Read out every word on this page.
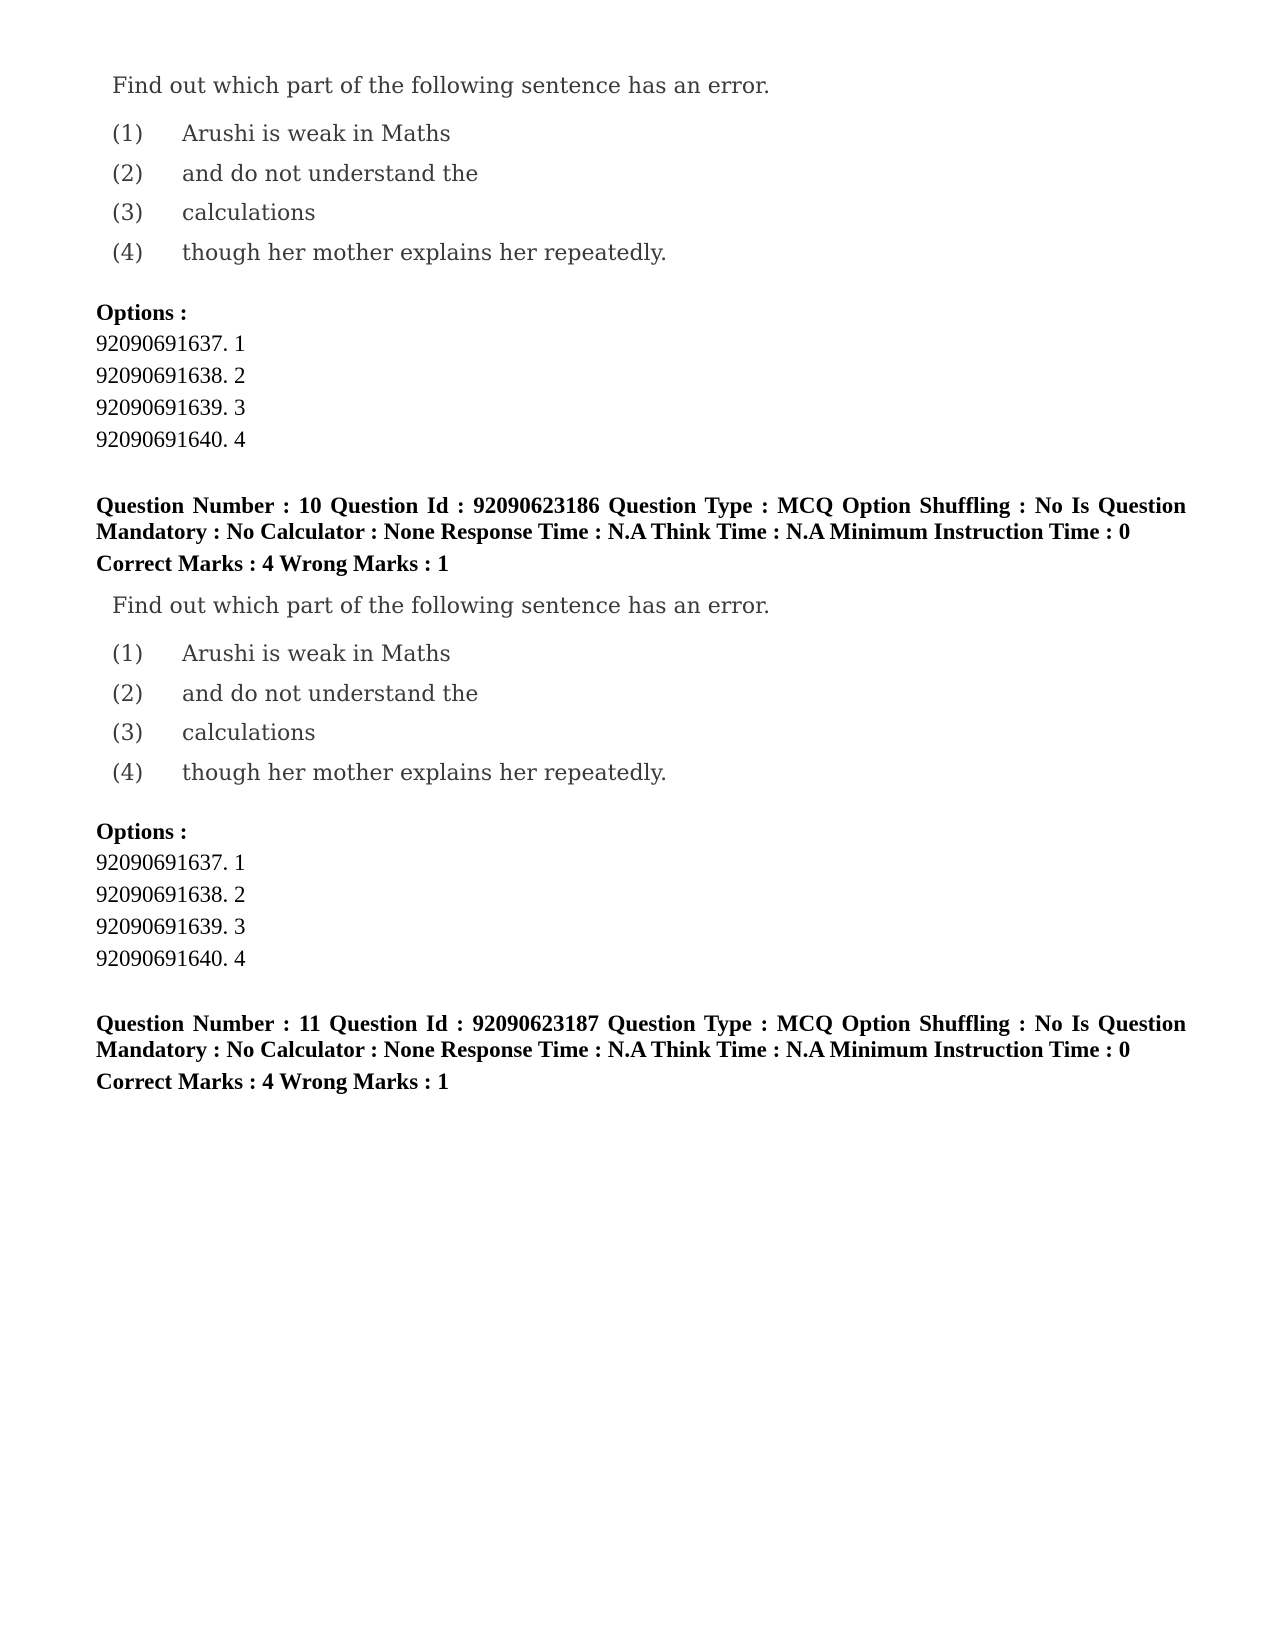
Find out which part of the following sentence has an error.
(1) Arushi is weak in Maths
(2) and do not understand the
(3) calculations
(4) though her mother explains her repeatedly.
Options :
92090691637. 1
92090691638. 2
92090691639. 3
92090691640. 4
Question Number : 10 Question Id : 92090623186 Question Type : MCQ Option Shuffling : No Is Question Mandatory : No Calculator : None Response Time : N.A Think Time : N.A Minimum Instruction Time : 0
Correct Marks : 4 Wrong Marks : 1
Find out which part of the following sentence has an error.
(1) Arushi is weak in Maths
(2) and do not understand the
(3) calculations
(4) though her mother explains her repeatedly.
Options :
92090691637. 1
92090691638. 2
92090691639. 3
92090691640. 4
Question Number : 11 Question Id : 92090623187 Question Type : MCQ Option Shuffling : No Is Question Mandatory : No Calculator : None Response Time : N.A Think Time : N.A Minimum Instruction Time : 0
Correct Marks : 4 Wrong Marks : 1
